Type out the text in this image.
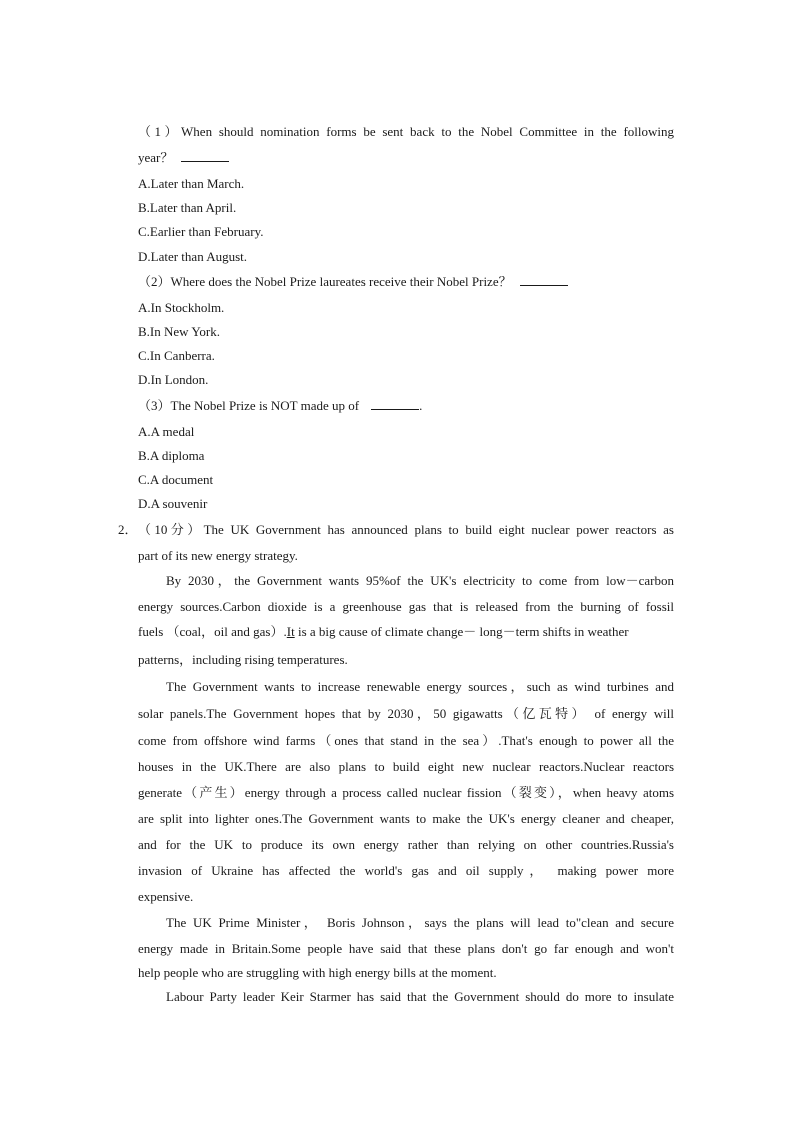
（1）When should nomination forms be sent back to the Nobel Committee in the following
year？
A.Later than March.
B.Later than April.
C.Earlier than February.
D.Later than August.
（2）Where does the Nobel Prize laureates receive their Nobel Prize？
A.In Stockholm.
B.In New York.
C.In Canberra.
D.In London.
（3）The Nobel Prize is NOT made up of	.
A.A medal
B.A diploma
C.A document
D.A souvenir
2．（10分）The UK Government has announced plans to build eight nuclear power reactors as
part of its new energy strategy.
By 2030，the Government wants 95%of the UK's electricity to come from low－carbon
energy sources.Carbon dioxide is a greenhouse gas that is released from the burning of fossil
fuels （coal，oil and gas）.It is a big cause of climate change－ long－term shifts in weather
patterns，including rising temperatures.
The Government wants to increase renewable energy sources，such as wind turbines and
solar panels.The Government hopes that by 2030，50 gigawatts（亿瓦特） of energy will
come from offshore wind farms（ones that stand in the sea）.That's enough to power all the
houses in the UK.There are also plans to build eight new nuclear reactors.Nuclear reactors
generate（产生）energy through a process called nuclear fission（裂变），when heavy atoms
are split into lighter ones.The Government wants to make the UK's energy cleaner and cheaper,
and for the UK to produce its own energy rather than relying on other countries.Russia's
invasion of Ukraine has affected the world's gas and oil supply， making power more
expensive.
The UK Prime Minister， Boris Johnson，says the plans will lead to"clean and secure
energy made in Britain.Some people have said that these plans don't go far enough and won't
help people who are struggling with high energy bills at the moment.
Labour Party leader Keir Starmer has said that the Government should do more to insulate
